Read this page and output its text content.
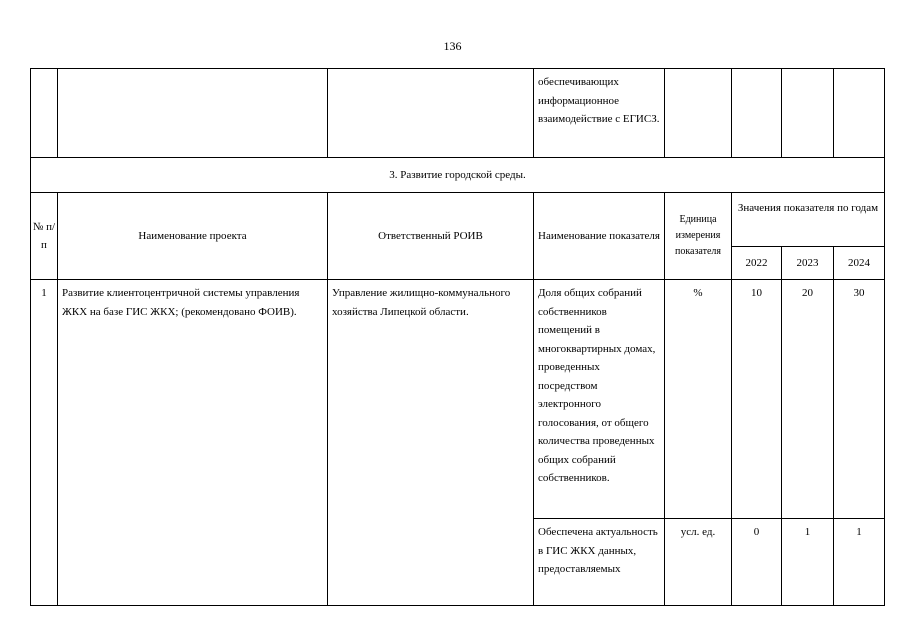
136
			обеспечивающих информационное взаимодействие с ЕГИСЗ.				
3. Развитие городской среды.							
№ п/п	Наименование проекта	Ответственный РОИВ	Наименование показателя	Единица измерения показателя	Значения показателя по годам		
					2022	2023	2024
1	Развитие клиентоцентричной системы управления ЖКХ на базе ГИС ЖКХ; (рекомендовано ФОИВ).	Управление жилищно-коммунального хозяйства Липецкой области.	Доля общих собраний собственников помещений в многоквартирных домах, проведенных посредством электронного голосования, от общего количества проведенных общих собраний собственников.	%	10	20	30
			Обеспечена актуальность в ГИС ЖКХ данных, предоставляемых	усл. ед.	0	1	1
